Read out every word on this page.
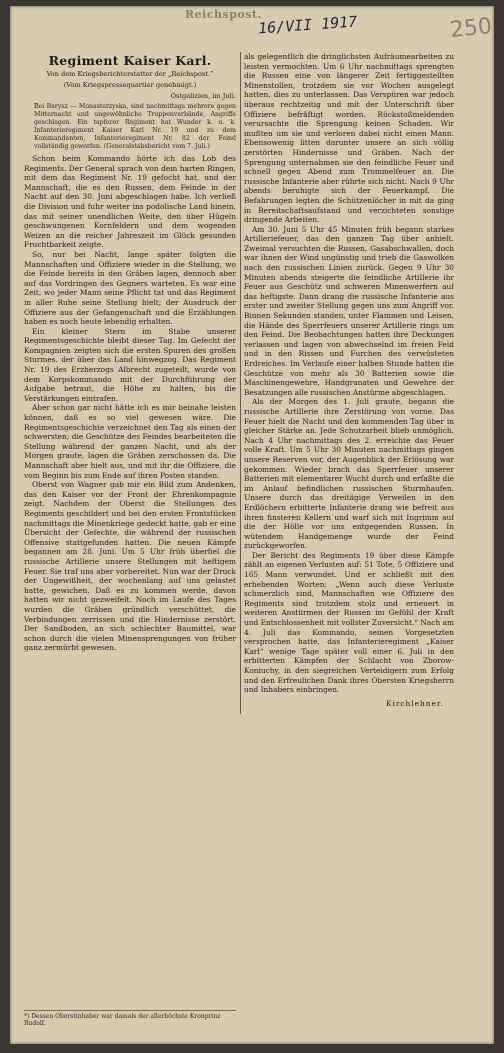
Reichspost.
16/VII 1917	250
Regiment Kaiser Karl.
Von dem Kriegsberichterstatter der „Reichspost.“
(Vom Kriegspressequartier genehmigt.)
Ostgalizien, im Juli.
Bei Barysz — Monasterzyska, sind nachmittags mehrere gegen Mitternacht und ungewöhnliche Truppenverbände, Angriffe geschlagen. Ein tapferer Regiment hat Wunder k. u. k. Infanterieregiment Kaiser Karl Nr. 19 und zu dem Kommandanten, Infanterieregiment Nr. 82 der Feind vollständig geworfen. (Generalstabsbericht vom 7. Juli.)

Schon beim Kommando hörte ich das Lob des Regiments. Der General sprach von dem harten Ringen, mit dem das Regiment Nr. 19 gefocht hat, und der Mannschaft, die es den Russen, dem Feinde in der Nacht auf den 30. Juni abgeschlagen habe. Ich verließ die Division und fuhr weiter ins podolische Land hinein, das mit seiner unendlichen Weite, den über Hügeln geschwungenen Kornfeldern und dem wogenden Weizen an die reicher Jahreszeit im Glück gesunden Fruchtbarkeit zeigte.

So, nur bei Nacht, lange später folgten die Mannschaften und Offiziere wieder in die Stellung, wo die Feinde bereits in den Gräben lagen, dennoch aber auf das Vordringen des Gegners warteten. Es war eine Zeit, wo jeder Mann seine Pflicht tat und das Regiment in aller Ruhe seine Stellung hielt; der Ausdruck der Offiziere aus der Gefangenschaft und die Erzählungen haben es noch heute lebendig erhalten.

Ein kleiner Stern im Stabe unserer Regimentsgeschichte bleibt dieser Tag. Im Gefecht der Kompagnien zeigten sich die ersten Spuren des großen Sturmes, der über das Land hinwegzog. Das Regiment Nr. 19 des Erzherzogs Albrecht zugeteilt, wurde von dem Korpskommando mit der Durchführung der Aufgabe betraut, die Höhe zu halten, bis die Verstärkungen eintrafen.

Aber schon gar nicht hätte ich es mir beinahe leisten können, daß es so viel gewesen wäre. Die Regimentsgeschichte verzeichnet den Tag als einen der schwersten; die Geschütze des Feindes bearbeiteten die Stellung während der ganzen Nacht, und als der Morgen graute, lagen die Gräben zerschossen da. Die Mannschaft aber hielt aus, und mit ihr die Offiziere, die vom Beginn bis zum Ende auf ihren Posten standen.

Oberst von Wagner gab mir ein Bild zum Andenken, das den Kaiser vor der Front der Ehrenkompagnie zeigt. Nachdem der Oberst die Stellungen des Regiments geschildert und bei den ersten Frontstücken nachmittags die Minenkriege gedeckt hatte, gab er eine Übersicht der Gefechte, die während der russischen Offensive stattgefunden hatten. Die neuen Kämpfe begannen am 28. Juni. Um 5 Uhr früh überfiel die russische Artillerie unsere Stellungen mit heftigem Feuer. Sie traf uns aber vorbereitet. Nun war der Druck der Ungewißheit, der wochenlang auf uns gelastet hatte, gewichen. Daß es zu kommen werde, davon hatten wir nicht gezweifelt. Noch im Laufe des Tages wurden die Gräben gründlich verschüttet, die Verbindungen zerrissen und die Hindernisse zerstört. Der Sandboden, an sich schlechter Baumittel, war schon durch die vielen Minensprengungen von früher ganz zermürbt gewesen.

als gelegentlich die dringlichsten Aufräumearbeiten zu leisten vermochten. Um 6 Uhr nachmittags sprengten die Russen eine von längerer Zeit fertiggestellten Minenstollen, trotzdem sie vor Wochen ausgelegt hatten, dies zu unterlassen. Das Verspüren war jedoch überaus rechtzeitig und mit der Unterschrift über Offiziere befräftigt worden. Rückstoßmeldenden verursachte die Sprengung keinen Schaden. Wir mußten um sie und verloren dabei nicht einen Mann. Ebensowenig litten darunter unsere an sich völlig zerstörten Hindernisse und Gräben. Nach der Sprengung unternahmen sie den feindliche Feuer und schnell gegen Abend zum Trommelfeuer an. Die russische Infanterie aber rührte sich nicht. Nach 9 Uhr abends beruhigte sich der Feuerkampf. Die Befahrungen legten die Schützenlöcher in mit da ging in Bereitschaftsaufstand und verzichteten sonstige dringende Arbeiten.

Am 30. Juni 5 Uhr 45 Minuten früh begann starkes Artilleriefeuer, das den ganzen Tag über anhielt. Zweimal versuchten die Russen, Gasabschwallen, doch war ihnen der Wind ungünstig und trieb die Gaswolken nach den russischen Linien zurück. Gegen 9 Uhr 30 Minuten abends steigerte die feindliche Artillerie ihr Feuer aus Geschütz und schweren Minenwerfern auf das heftigste. Dann drang die russische Infanterie aus erster und zweiter Stellung gegen uns zum Angriff vor. Binnen Sekunden standen, unter Flammen und Leisen, die Hände des Sperrfeuers unserer Artillerie rings um den Feind. Die Beobachtungen hatten ihre Deckungen verlassen und lagen von abwechselnd im freien Feld und in den Rissen und Furchen des verwüsteten Erdreiches. Im Verlaufe einer halben Stunde hatten die Geschütze von mehr als 30 Batterien sowie die Maschinengewehre, Handgranaten und Gewehre der Besatzungen alle russischen Anstürme abgeschlagen.

Als der Morgen des 1. Juli graute, begann die russische Artillerie ihre Zerstörung von vorne. Das Feuer hielt die Nacht und den kommenden Tag über in gleicher Stärke an. Jede Schutzarbeit blieb unmöglich. Nach 4 Uhr nachmittags des 2. erreichte das Feuer volle Kraft. Um 5 Uhr 30 Minuten nachmittags gingen unsere Reserven vor, der Augenblick der Erlösung war gekommen. Wieder brach das Sperrfeuer unserer Batterien mit elementarer Wucht durch und erfaßte die im Anlauf befindlichen russischen Sturmhaufen. Unsere durch das dreitägige Verweilen in den Erdlöchern erbitterte Infanterie drang wie befreit aus ihren finsteren Kellern und warf sich mit Ingrimm auf die der Hölle vor uns entgegenden Russen. In wütendem Handgemenge wurde der Feind zurückgeworfen.

Der Bericht des Regiments 19 über diese Kämpfe zählt an eigenen Verlusten auf: 51 Tote, 5 Offiziere und 165 Mann verwundet. Und er schließt mit den erhebenden Worten: „Wenn auch diese Verluste schmerzlich sind, Mannschaften wie Offiziere des Regiments sind trotzdem stolz und erneuert in weiteren Anstürmen der Russen im Gefühl der Kraft und Entschlossenheit mit vollster Zuversicht.“ Nach am 4. Juli das Kommando, seinen Vorgesetzten versprochen hatte, das Infanterieregiment „Kaiser Karl“ wenige Tage später voll einer 6. Juli in den erbitterten Kämpfen der Schlacht von Zborow-Koniuchy, in den siegreichen Verteidigern zum Erfolg und den Erfreulichen Dank ihres Obersten Kriegsherrn und Inhabers einbringen.

Kirchlehner.
*) Dessen Oberstinhaber war damals der allerhöchste Kronprinz Rudolf.
